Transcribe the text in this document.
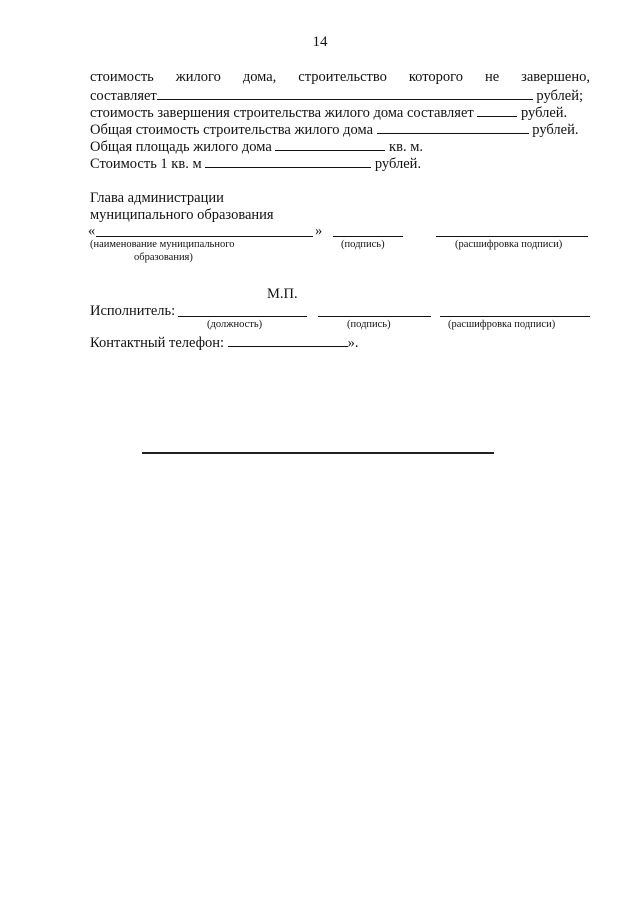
14
стоимость жилого дома, строительство которого не завершено,
составляет	рублей;
стоимость завершения строительства жилого дома составляет	рублей.
Общая стоимость строительства жилого дома	рублей.
Общая площадь жилого дома	кв. м.
Стоимость 1 кв. м	рублей.
Глава администрации
муниципального образования
«	»
(наименование муниципального
образования)
(подпись)	(расшифровка подписи)
М.П.
Исполнитель:
(должность)	(подпись)	(расшифровка подписи)
Контактный телефон:	».
